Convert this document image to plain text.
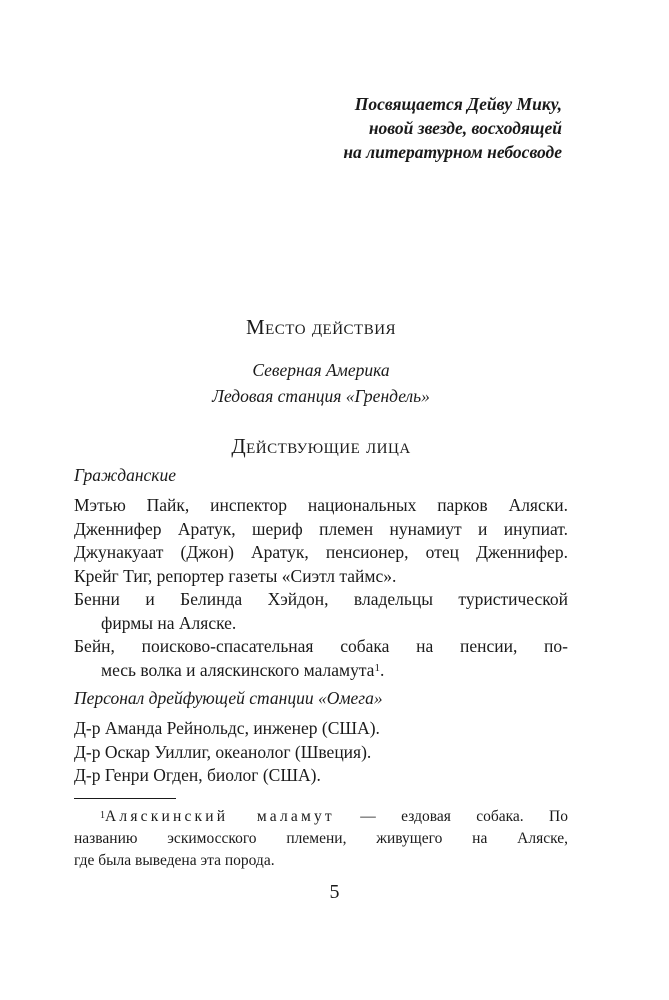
Посвящается Дейву Мику,
новой звезде, восходящей
на литературном небосводе
Место действия
Северная Америка
Ледовая станция «Грендель»
Действующие лица
Гражданские
Мэтью Пайк, инспектор национальных парков Аляски.
Дженнифер Аратук, шериф племен нунамиут и инупиат.
Джунакуаат (Джон) Аратук, пенсионер, отец Дженнифер.
Крейг Тиг, репортер газеты «Сиэтл таймс».
Бенни и Белинда Хэйдон, владельцы туристической
фирмы на Аляске.
Бейн, поисково-спасательная собака на пенсии, по-
месь волка и аляскинского маламута$^1$.
Персонал дрейфующей станции «Омега»
Д-р Аманда Рейнольдс, инженер (США).
Д-р Оскар Уиллиг, океанолог (Швеция).
Д-р Генри Огден, биолог (США).
$^1$Аляскинский маламут — ездовая собака. По
названию эскимосского племени, живущего на Аляске,
где была выведена эта порода.
5
